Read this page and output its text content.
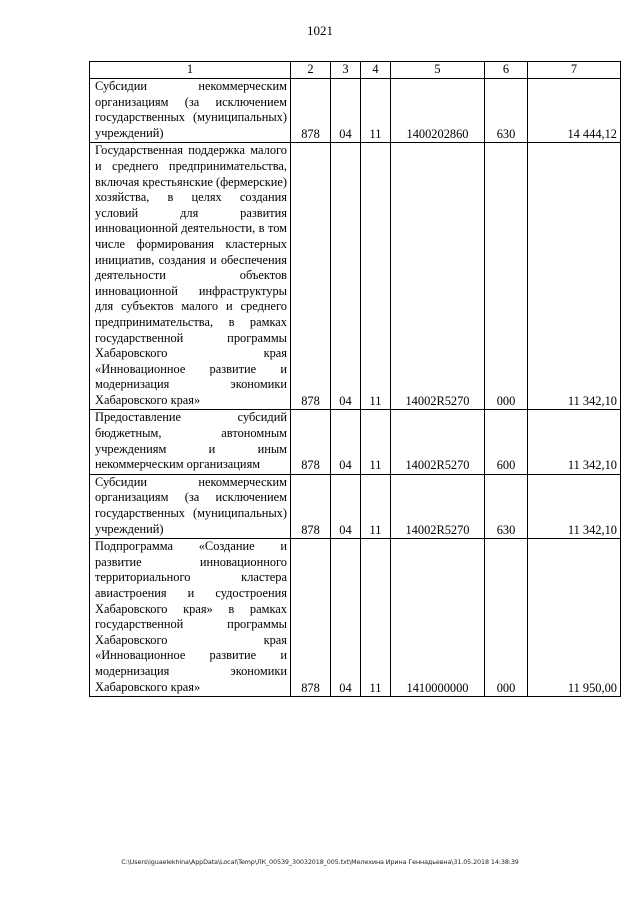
1021
1	2	3	4	5	6	7

Субсидии некоммерческим организациям (за исключением государственных (муниципальных) учреждений)	878	04	11	1400202860	630	14 444,12

Государственная поддержка малого и среднего предпринимательства, включая крестьянские (фермерские) хозяйства, в целях создания условий для развития инновационной деятельности, в том числе формирования кластерных инициатив, создания и обеспечения деятельности объектов инновационной инфраструктуры для субъектов малого и среднего предпринимательства, в рамках государственной программы Хабаровского края «Инновационное развитие и модернизация экономики Хабаровского края»	878	04	11	14002R5270	000	11 342,10

Предоставление субсидий бюджетным, автономным учреждениям и иным некоммерческим организациям	878	04	11	14002R5270	600	11 342,10

Субсидии некоммерческим организациям (за исключением государственных (муниципальных) учреждений)	878	04	11	14002R5270	630	11 342,10

Подпрограмма «Создание и развитие инновационного территориального кластера авиастроения и судостроения Хабаровского края» в рамках государственной программы Хабаровского края «Инновационное развитие и модернизация экономики Хабаровского края»	878	04	11	1410000000	000	11 950,00
C:\Users\iguaelekhina\AppData\Local\Temp\ЛК_00539_30032018_005.txt\Мелехина Ирина Геннадьевна\31.05.2018 14:38:39
